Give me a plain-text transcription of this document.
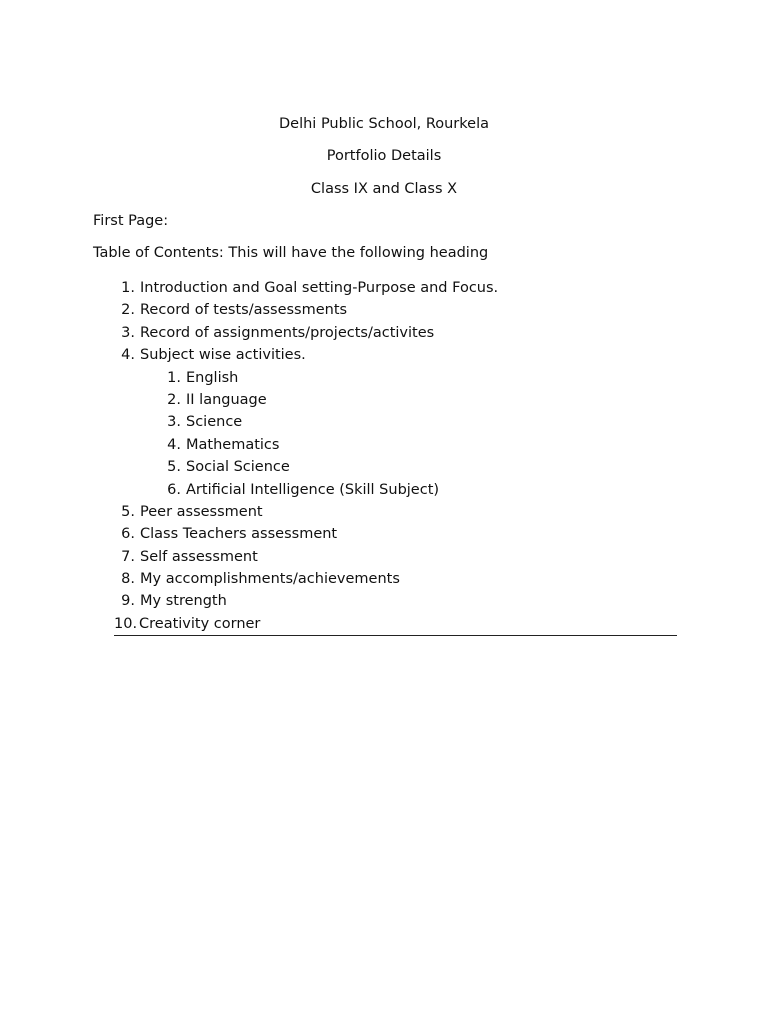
Delhi Public School, Rourkela
Portfolio Details
Class IX and Class X
First Page:
Table of Contents: This will have the following heading
1. Introduction and Goal setting-Purpose and Focus.
2. Record of tests/assessments
3. Record of assignments/projects/activites
4. Subject wise activities.
1. English
2. II language
3. Science
4. Mathematics
5. Social Science
6. Artificial Intelligence (Skill Subject)
5. Peer assessment
6. Class Teachers assessment
7. Self assessment
8. My accomplishments/achievements
9. My strength
10. Creativity corner
